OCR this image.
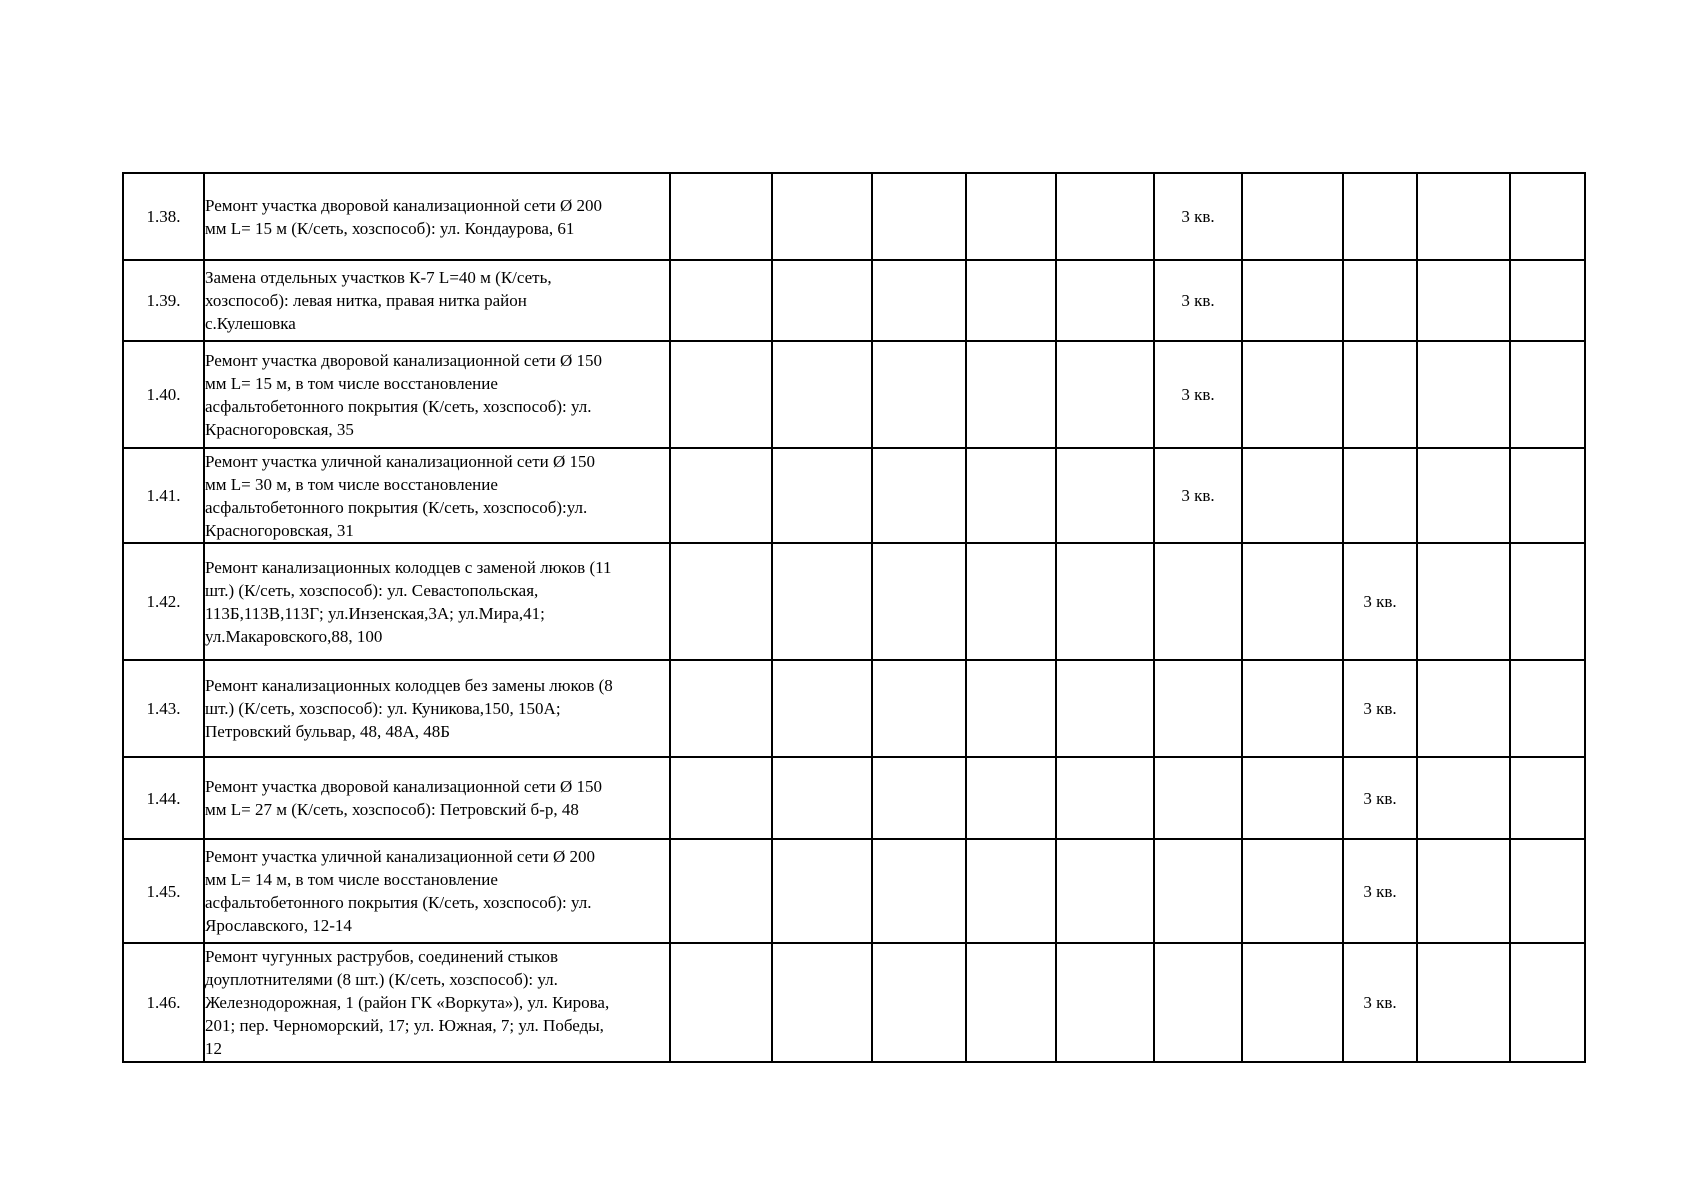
1.38.	Ремонт участка дворовой канализационной сети Ø 200
мм L= 15 м (К/сеть, хозспособ): ул. Кондаурова, 61						3 кв.				
1.39.	Замена отдельных участков К-7 L=40 м (К/сеть,
хозспособ): левая нитка, правая нитка район
с.Кулешовка						3 кв.				
1.40.	Ремонт участка дворовой канализационной сети Ø 150
мм L= 15 м, в том числе восстановление
асфальтобетонного покрытия (К/сеть, хозспособ): ул.
Красногоровская, 35						3 кв.				
1.41.	Ремонт участка уличной канализационной сети Ø 150
мм L= 30 м, в том числе восстановление
асфальтобетонного покрытия (К/сеть, хозспособ):ул.
Красногоровская, 31						3 кв.				
1.42.	Ремонт канализационных колодцев с заменой люков (11
шт.) (К/сеть, хозспособ): ул. Севастопольская,
113Б,113В,113Г; ул.Инзенская,3А; ул.Мира,41;
ул.Макаровского,88, 100								3 кв.		
1.43.	Ремонт канализационных колодцев без замены люков (8
шт.) (К/сеть, хозспособ): ул. Куникова,150, 150А;
Петровский бульвар, 48, 48А, 48Б								3 кв.		
1.44.	Ремонт участка дворовой канализационной сети Ø 150
мм L= 27 м (К/сеть, хозспособ): Петровский б-р, 48								3 кв.		
1.45.	Ремонт участка уличной канализационной сети Ø 200
мм L= 14 м, в том числе восстановление
асфальтобетонного покрытия (К/сеть, хозспособ): ул.
Ярославского, 12-14								3 кв.		
1.46.	Ремонт чугунных раструбов, соединений стыков
доуплотнителями (8 шт.) (К/сеть, хозспособ): ул.
Железнодорожная, 1 (район ГК «Воркута»), ул. Кирова,
201; пер. Черноморский, 17; ул. Южная, 7; ул. Победы,
12								3 кв.		
